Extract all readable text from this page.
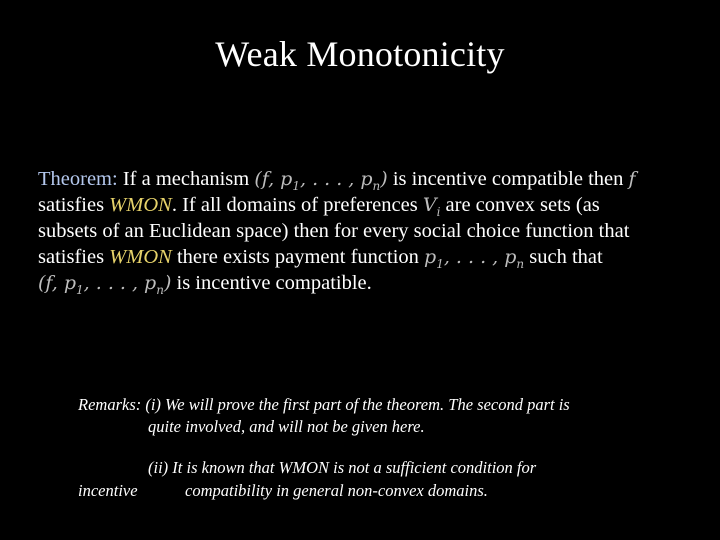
Weak Monotonicity
Theorem: If a mechanism (f, $p_1$, . . . , $p_n$) is incentive compatible then f
satisfies WMON. If all domains of preferences $V_i$ are convex sets (as
subsets of an Euclidean space) then for every social choice function that
satisfies WMON there exists payment function $p_1$, . . . , $p_n$ such that
(f, $p_1$, . . . , $p_n$) is incentive compatible.
Remarks: (i) We will prove the first part of the theorem. The second part is
quite involved, and will not be given here.
(ii) It is known that WMON is not a sufficient condition for
incentive	compatibility in general non-convex domains.
